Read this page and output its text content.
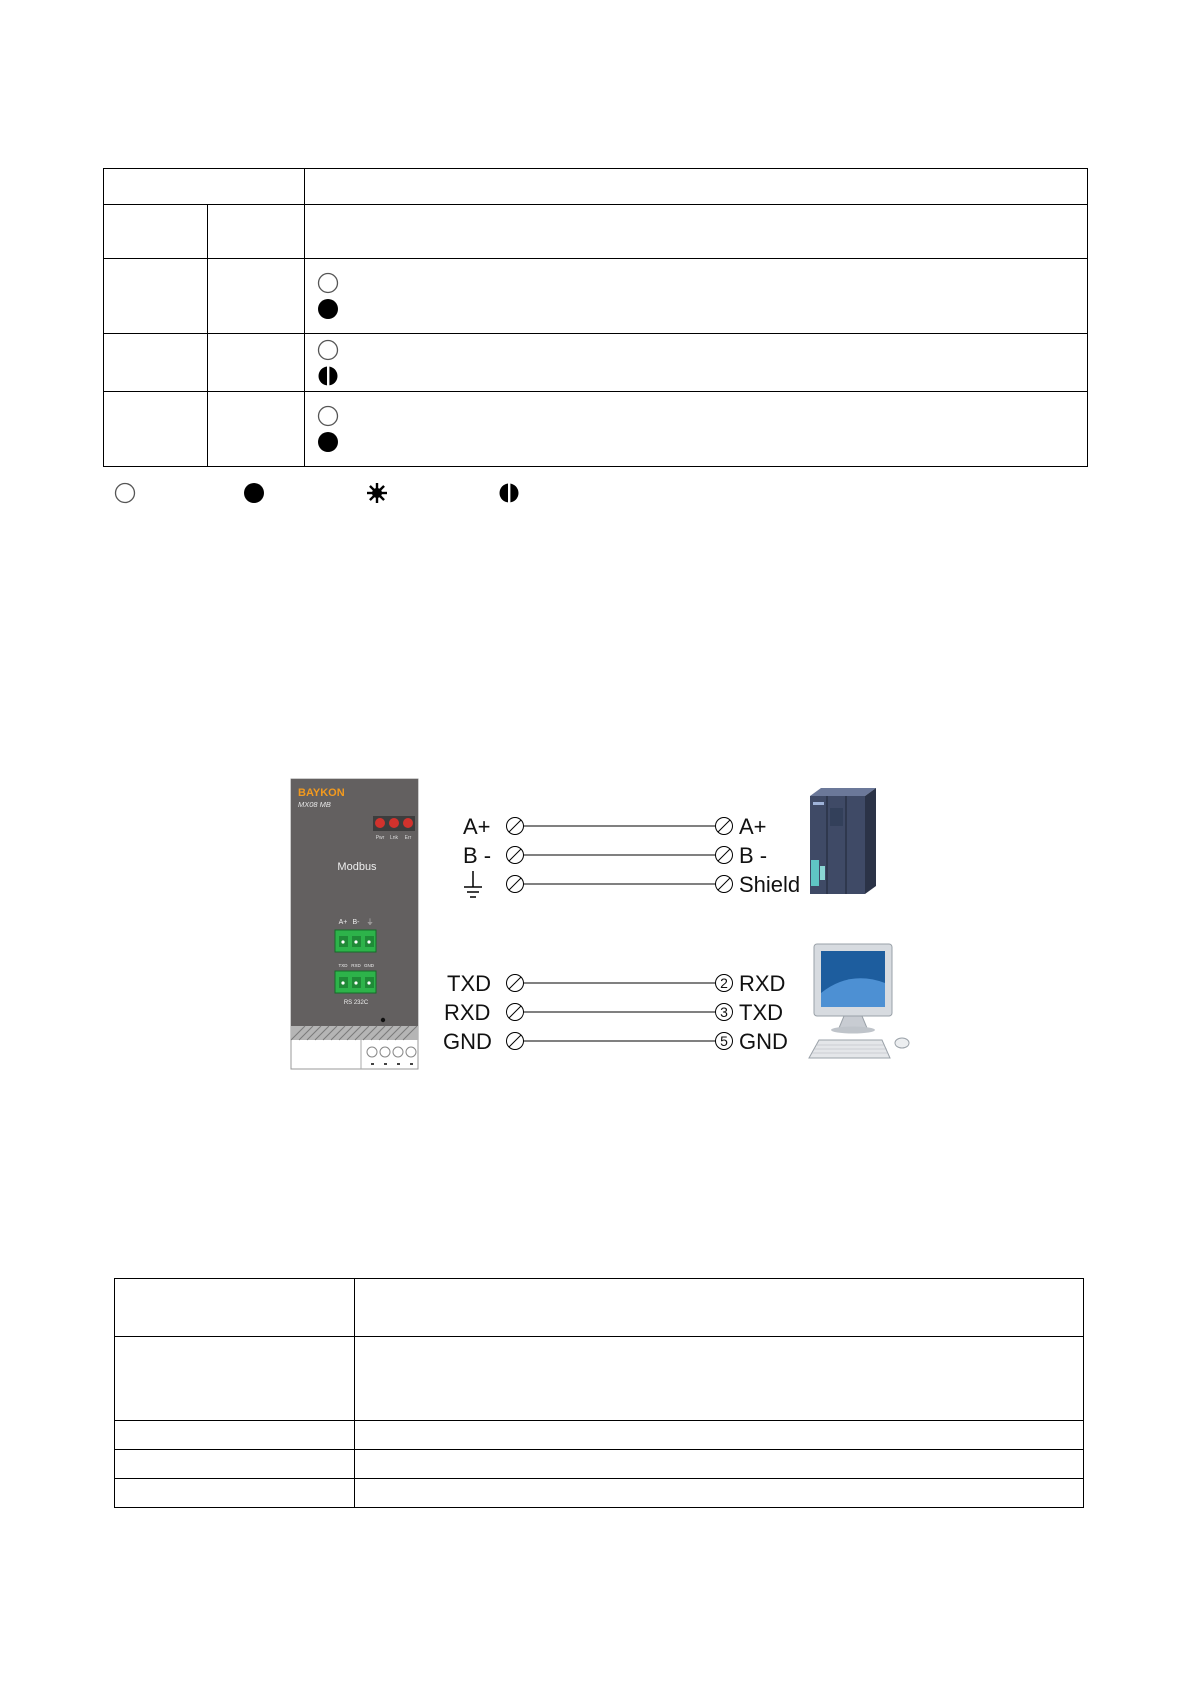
BAYKON
MX08 MB
Pwr Lnk Err
Modbus
A+ B- ⏚
TXD RXD GND
RS 232C
A+
B -
A+
B -
Shield
2
3
5
TXD
RXD
GND
RXD
TXD
GND
